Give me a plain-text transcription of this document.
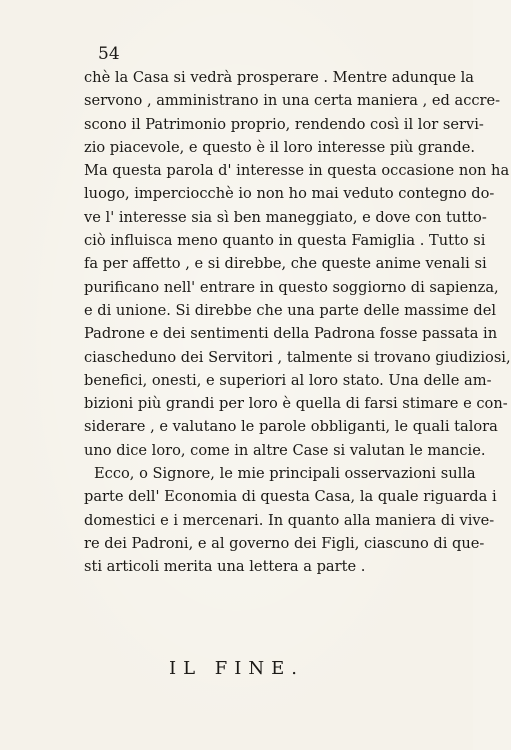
54
chè la Casa si vedrà prosperare . Mentre adunque la
servono , amministrano in una certa maniera , ed accre-
scono il Patrimonio proprio, rendendo così il lor servi-
zio piacevole, e questo è il loro interesse più grande.
Ma questa parola d' interesse in questa occasione non ha
luogo, imperciocchè io non ho mai veduto contegno do-
ve l' interesse sia sì ben maneggiato, e dove con tutto-
ciò influisca meno quanto in questa Famiglia . Tutto si
fa per affetto , e si direbbe, che queste anime venali si
purificano nell' entrare in questo soggiorno di sapienza,
e di unione. Si direbbe che una parte delle massime del
Padrone e dei sentimenti della Padrona fosse passata in
ciascheduno dei Servitori , talmente si trovano giudiziosi,
benefici, onesti, e superiori al loro stato. Una delle am-
bizioni più grandi per loro è quella di farsi stimare e con-
siderare , e valutano le parole obbliganti, le quali talora
uno dice loro, come in altre Case si valutan le mancie.
Ecco, o Signore, le mie principali osservazioni sulla
parte dell' Economia di questa Casa, la quale riguarda i
domestici e i mercenari. In quanto alla maniera di vive-
re dei Padroni, e al governo dei Figli, ciascuno di que-
sti articoli merita una lettera a parte .
IL FINE.
